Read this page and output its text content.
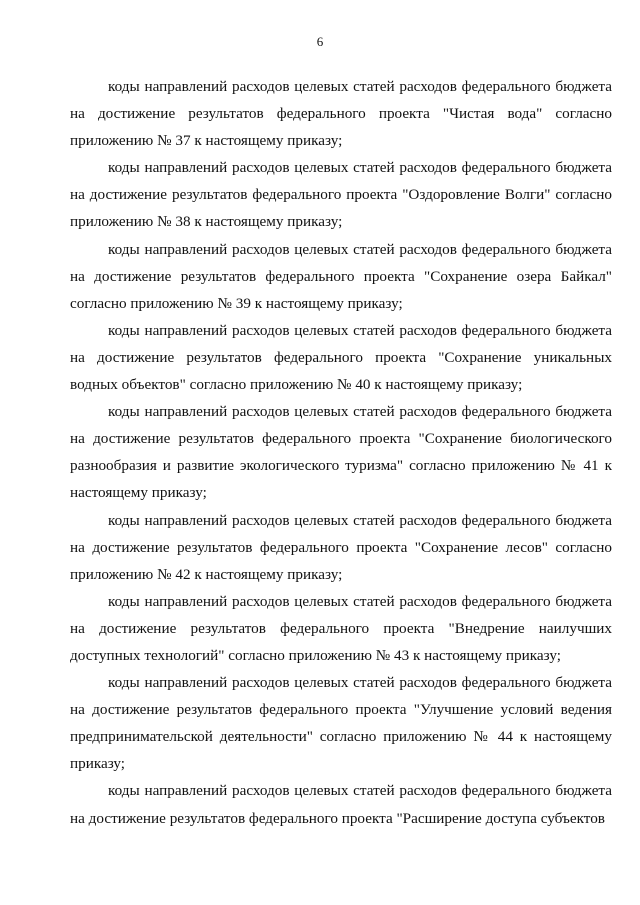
6

коды направлений расходов целевых статей расходов федерального бюджета на достижение результатов федерального проекта "Чистая вода" согласно приложению № 37 к настоящему приказу;

коды направлений расходов целевых статей расходов федерального бюджета на достижение результатов федерального проекта "Оздоровление Волги" согласно приложению № 38 к настоящему приказу;

коды направлений расходов целевых статей расходов федерального бюджета на достижение результатов федерального проекта "Сохранение озера Байкал" согласно приложению № 39 к настоящему приказу;

коды направлений расходов целевых статей расходов федерального бюджета на достижение результатов федерального проекта "Сохранение уникальных водных объектов" согласно приложению № 40 к настоящему приказу;

коды направлений расходов целевых статей расходов федерального бюджета на достижение результатов федерального проекта "Сохранение биологического разнообразия и развитие экологического туризма" согласно приложению № 41 к настоящему приказу;

коды направлений расходов целевых статей расходов федерального бюджета на достижение результатов федерального проекта "Сохранение лесов" согласно приложению № 42 к настоящему приказу;

коды направлений расходов целевых статей расходов федерального бюджета на достижение результатов федерального проекта "Внедрение наилучших доступных технологий" согласно приложению № 43 к настоящему приказу;

коды направлений расходов целевых статей расходов федерального бюджета на достижение результатов федерального проекта "Улучшение условий ведения предпринимательской деятельности" согласно приложению № 44 к настоящему приказу;

коды направлений расходов целевых статей расходов федерального бюджета на достижение результатов федерального проекта "Расширение доступа субъектов
